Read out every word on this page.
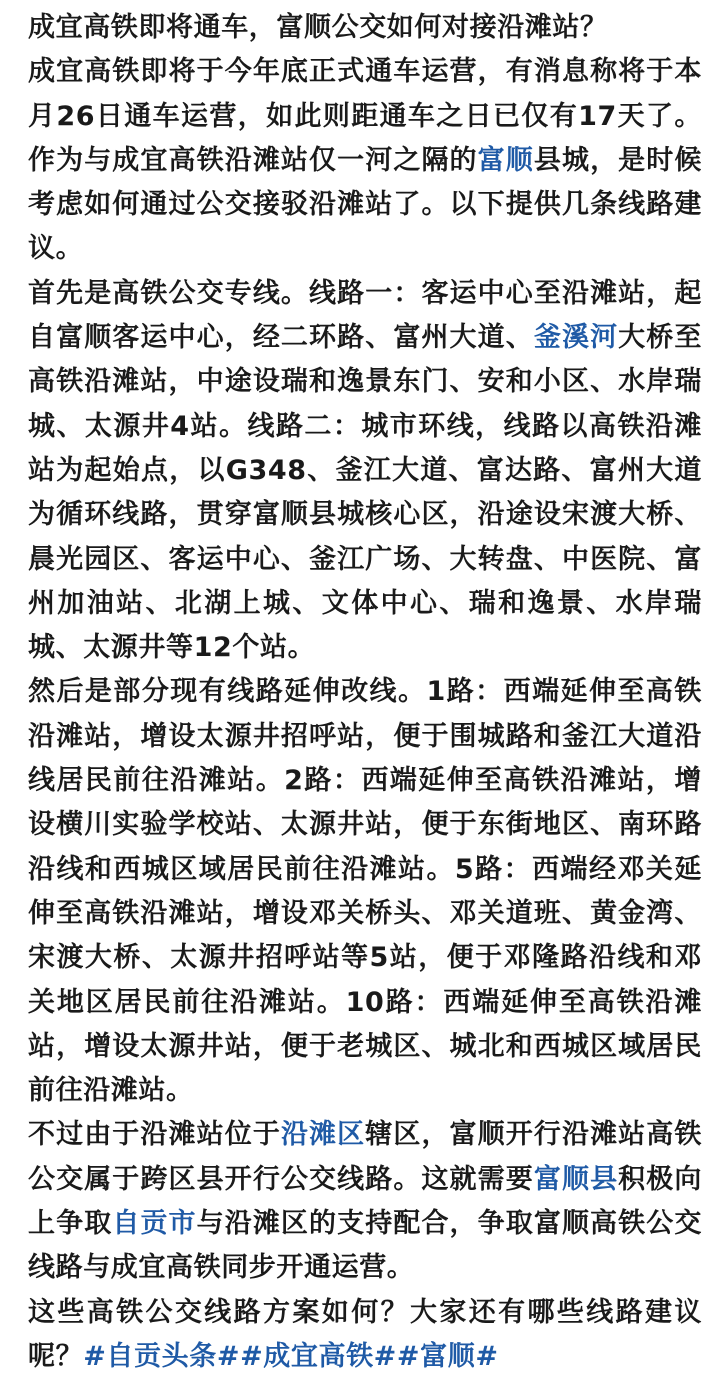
成宜高铁即将通车，富顺公交如何对接沿滩站？

成宜高铁即将于今年底正式通车运营，有消息称将于本月26日通车运营，如此则距通车之日已仅有17天了。作为与成宜高铁沿滩站仅一河之隔的富顺县城，是时候考虑如何通过公交接驳沿滩站了。以下提供几条线路建议。

首先是高铁公交专线。线路一：客运中心至沿滩站，起自富顺客运中心，经二环路、富州大道、釜溪河大桥至高铁沿滩站，中途设瑞和逸景东门、安和小区、水岸瑞城、太源井4站。线路二：城市环线，线路以高铁沿滩站为起始点，以G348、釜江大道、富达路、富州大道为循环线路，贯穿富顺县城核心区，沿途设宋渡大桥、晨光园区、客运中心、釜江广场、大转盘、中医院、富州加油站、北湖上城、文体中心、瑞和逸景、水岸瑞城、太源井等12个站。

然后是部分现有线路延伸改线。1路：西端延伸至高铁沿滩站，增设太源井招呼站，便于围城路和釜江大道沿线居民前往沿滩站。2路：西端延伸至高铁沿滩站，增设横川实验学校站、太源井站，便于东街地区、南环路沿线和西城区域居民前往沿滩站。5路：西端经邓关延伸至高铁沿滩站，增设邓关桥头、邓关道班、黄金湾、宋渡大桥、太源井招呼站等5站，便于邓隆路沿线和邓关地区居民前往沿滩站。10路：西端延伸至高铁沿滩站，增设太源井站，便于老城区、城北和西城区域居民前往沿滩站。

不过由于沿滩站位于沿滩区辖区，富顺开行沿滩站高铁公交属于跨区县开行公交线路。这就需要富顺县积极向上争取自贡市与沿滩区的支持配合，争取富顺高铁公交线路与成宜高铁同步开通运营。

这些高铁公交线路方案如何？大家还有哪些线路建议呢？#自贡头条##成宜高铁##富顺#
